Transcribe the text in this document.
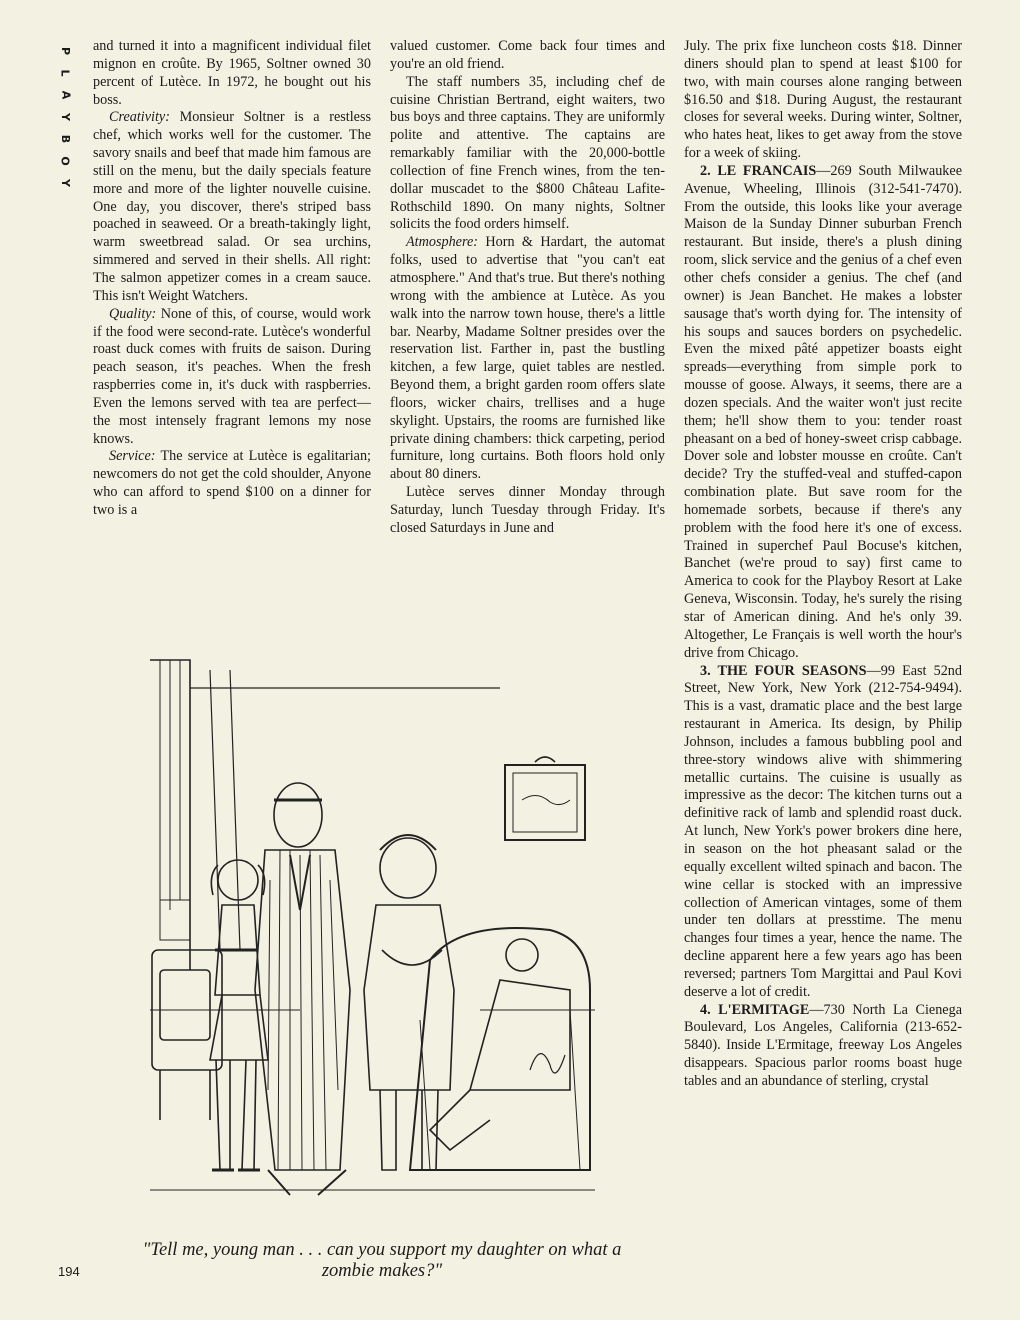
P
L
A
Y
B
O
Y

and turned it into a magnificent individual filet mignon en croûte. By 1965, Soltner owned 30 percent of Lutèce. In 1972, he bought out his boss.

Creativity: Monsieur Soltner is a restless chef, which works well for the customer. The savory snails and beef that made him famous are still on the menu, but the daily specials feature more and more of the lighter nouvelle cuisine. One day, you discover, there's striped bass poached in seaweed. Or a breath-takingly light, warm sweetbread salad. Or sea urchins, simmered and served in their shells. All right: The salmon appetizer comes in a cream sauce. This isn't Weight Watchers.

Quality: None of this, of course, would work if the food were second-rate. Lutèce's wonderful roast duck comes with fruits de saison. During peach season, it's peaches. When the fresh raspberries come in, it's duck with raspberries. Even the lemons served with tea are perfect—the most intensely fragrant lemons my nose knows.

Service: The service at Lutèce is egalitarian; newcomers do not get the cold shoulder, Anyone who can afford to spend $100 on a dinner for two is a

valued customer. Come back four times and you're an old friend.

The staff numbers 35, including chef de cuisine Christian Bertrand, eight waiters, two bus boys and three captains. They are uniformly polite and attentive. The captains are remarkably familiar with the 20,000-bottle collection of fine French wines, from the ten-dollar muscadet to the $800 Château Lafite-Rothschild 1890. On many nights, Soltner solicits the food orders himself.

Atmosphere: Horn & Hardart, the automat folks, used to advertise that "you can't eat atmosphere." And that's true. But there's nothing wrong with the ambience at Lutèce. As you walk into the narrow town house, there's a little bar. Nearby, Madame Soltner presides over the reservation list. Farther in, past the bustling kitchen, a few large, quiet tables are nestled. Beyond them, a bright garden room offers slate floors, wicker chairs, trellises and a huge skylight. Upstairs, the rooms are furnished like private dining chambers: thick carpeting, period furniture, long curtains. Both floors hold only about 80 diners.

Lutèce serves dinner Monday through Saturday, lunch Tuesday through Friday. It's closed Saturdays in June and

July. The prix fixe luncheon costs $18. Dinner diners should plan to spend at least $100 for two, with main courses alone ranging between $16.50 and $18. During August, the restaurant closes for several weeks. During winter, Soltner, who hates heat, likes to get away from the stove for a week of skiing.

2. LE FRANCAIS—269 South Milwaukee Avenue, Wheeling, Illinois (312-541-7470). From the outside, this looks like your average Maison de la Sunday Dinner suburban French restaurant. But inside, there's a plush dining room, slick service and the genius of a chef even other chefs consider a genius. The chef (and owner) is Jean Banchet. He makes a lobster sausage that's worth dying for. The intensity of his soups and sauces borders on psychedelic. Even the mixed pâté appetizer boasts eight spreads—everything from simple pork to mousse of goose. Always, it seems, there are a dozen specials. And the waiter won't just recite them; he'll show them to you: tender roast pheasant on a bed of honey-sweet crisp cabbage. Dover sole and lobster mousse en croûte. Can't decide? Try the stuffed-veal and stuffed-capon combination plate. But save room for the homemade sorbets, because if there's any problem with the food here it's one of excess. Trained in superchef Paul Bocuse's kitchen, Banchet (we're proud to say) first came to America to cook for the Playboy Resort at Lake Geneva, Wisconsin. Today, he's surely the rising star of American dining. And he's only 39. Altogether, Le Français is well worth the hour's drive from Chicago.

3. THE FOUR SEASONS—99 East 52nd Street, New York, New York (212-754-9494). This is a vast, dramatic place and the best large restaurant in America. Its design, by Philip Johnson, includes a famous bubbling pool and three-story windows alive with shimmering metallic curtains. The cuisine is usually as impressive as the decor: The kitchen turns out a definitive rack of lamb and splendid roast duck. At lunch, New York's power brokers dine here, in season on the hot pheasant salad or the equally excellent wilted spinach and bacon. The wine cellar is stocked with an impressive collection of American vintages, some of them under ten dollars at presstime. The menu changes four times a year, hence the name. The decline apparent here a few years ago has been reversed; partners Tom Margittai and Paul Kovi deserve a lot of credit.

4. L'ERMITAGE—730 North La Cienega Boulevard, Los Angeles, California (213-652-5840). Inside L'Ermitage, freeway Los Angeles disappears. Spacious parlor rooms boast huge tables and an abundance of sterling, crystal

"Tell me, young man . . . can you support my daughter on what a zombie makes?"
194
